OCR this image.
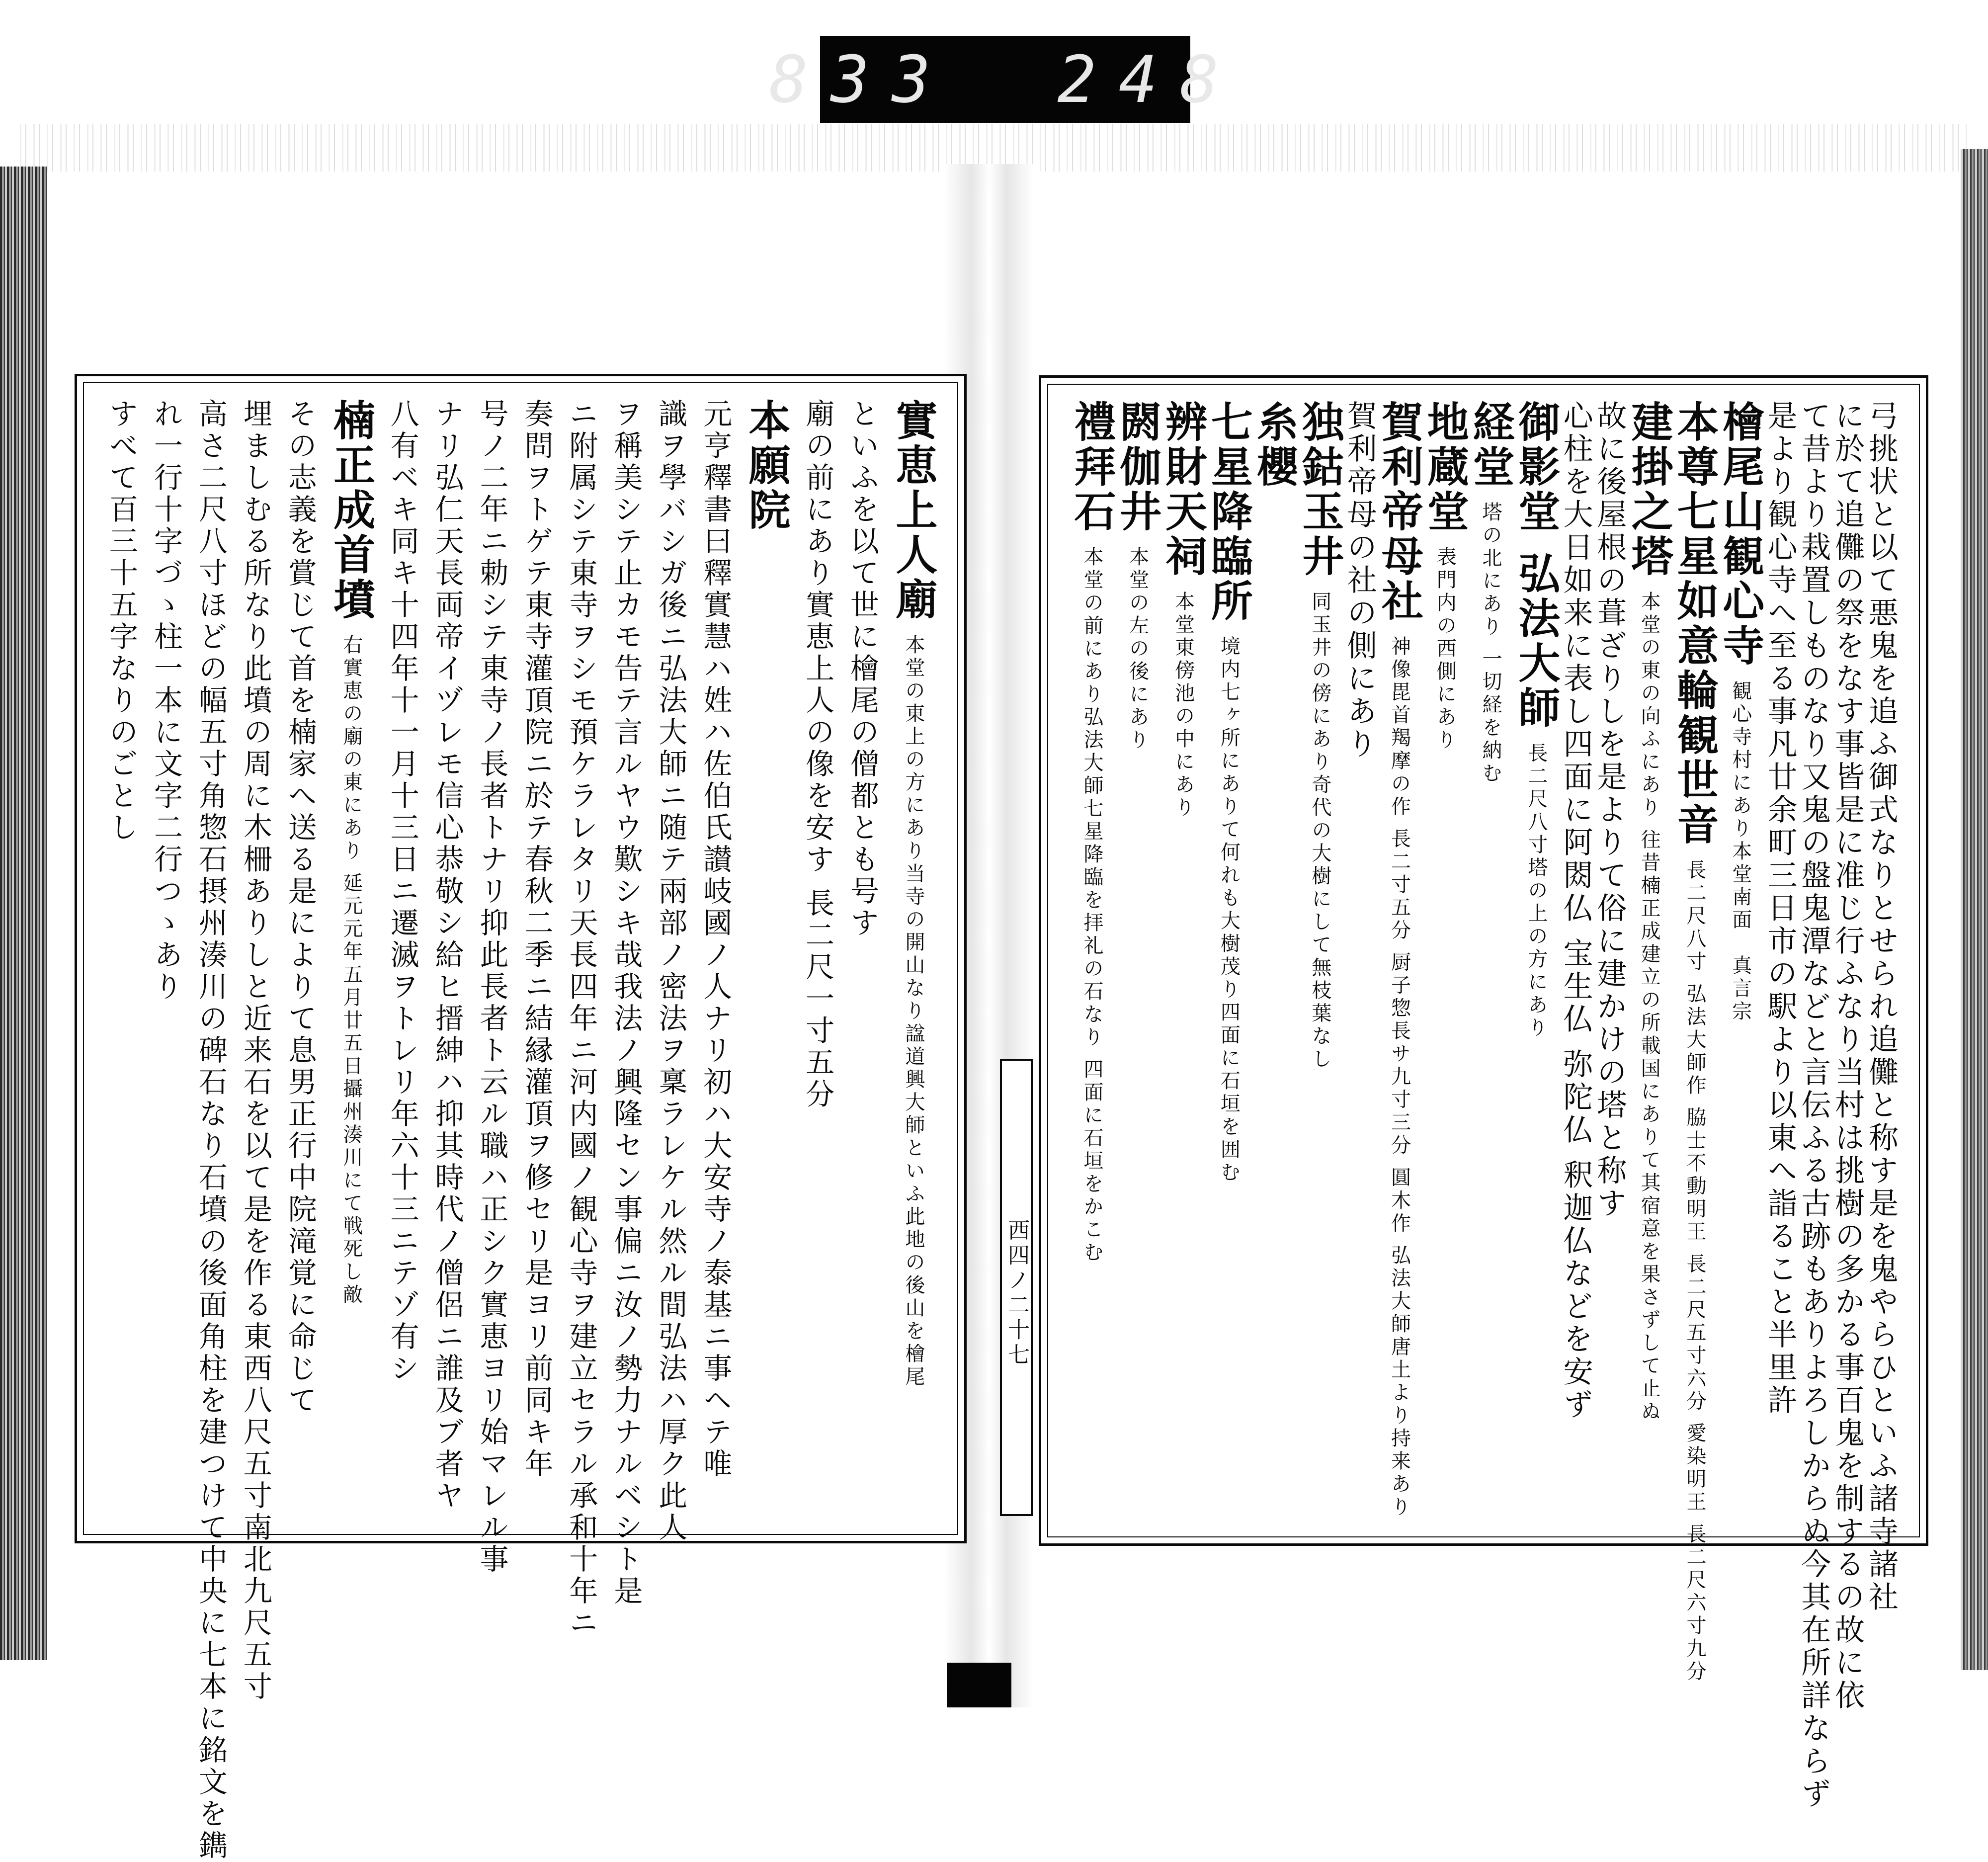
833 248
弓挑状と以て悪鬼を追ふ御式なりとせられ追儺と称す是を鬼やらひといふ諸寺諸社
に於て追儺の祭をなす事皆是に准じ行ふなり当村は挑樹の多かる事百鬼を制するの故に依
て昔より栽置しものなり又鬼の盤鬼潭などと言伝ふる古跡もありよろしからぬ今其在所詳ならず
是より観心寺へ至る事凡廿余町三日市の駅より以東へ詣ること半里許
檜尾山観心寺観心寺村にあり本堂南面　真言宗
本尊七星如意輪観世音長二尺八寸 弘法大師作 脇士不動明王 長二尺五寸六分 愛染明王 長二尺六寸九分
建掛之塔本堂の東の向ふにあり 往昔楠正成建立の所載国にありて其宿意を果さずして止ぬ
故に後屋根の葺ざりしを是よりて俗に建かけの塔と称す
心柱を大日如来に表し四面に阿閦仏 宝生仏 弥陀仏 釈迦仏などを安ず
御影堂 弘法大師長二尺八寸塔の上の方にあり
経堂塔の北にあり 一切経を納む
地蔵堂表門内の西側にあり
賀利帝母社神像毘首羯摩の作 長二寸五分 厨子惣長サ九寸三分 圓木作 弘法大師唐土より持来あり
賀利帝母の社の側にあり
独鈷玉井同玉井の傍にあり奇代の大樹にして無枝葉なし
糸櫻
七星降臨所境内七ヶ所にありて何れも大樹茂り四面に石垣を囲む
辨財天祠本堂東傍池の中にあり
閼伽井本堂の左の後にあり
禮拜石本堂の前にあり弘法大師七星降臨を拝礼の石なり 四面に石垣をかこむ
實恵上人廟本堂の東上の方にあり当寺の開山なり諡道興大師といふ此地の後山を檜尾
といふを以て世に檜尾の僧都とも号す
廟の前にあり實恵上人の像を安す 長二尺一寸五分
本願院
元亨釋書曰釋實慧ハ姓ハ佐伯氏讃岐國ノ人ナリ初ハ大安寺ノ泰基ニ事ヘテ唯
識ヲ學バシガ後ニ弘法大師ニ随テ兩部ノ密法ヲ稟ラレケル然ル間弘法ハ厚ク此人
ヲ稱美シテ止カモ告テ言ルヤウ歎シキ哉我法ノ興隆セン事偏ニ汝ノ勢力ナルベシト是
ニ附属シテ東寺ヲシモ預ケラレタリ天長四年ニ河内國ノ観心寺ヲ建立セラル承和十年ニ
奏問ヲトゲテ東寺灌頂院ニ於テ春秋二季ニ結縁灌頂ヲ修セリ是ヨリ前同キ年
号ノ二年ニ勅シテ東寺ノ長者トナリ抑此長者ト云ル職ハ正シク實恵ヨリ始マレル事
ナリ弘仁天長両帝イヅレモ信心恭敬シ給ヒ搢紳ハ抑其時代ノ僧侶ニ誰及ブ者ヤ
八有ベキ同キ十四年十一月十三日ニ遷滅ヲトレリ年六十三ニテゾ有シ
楠正成首墳右實恵の廟の東にあり 延元元年五月廿五日攝州湊川にて戦死し敵
その志義を賞じて首を楠家へ送る是によりて息男正行中院滝覚に命じて
埋ましむる所なり此墳の周に木柵ありしと近来石を以て是を作る東西八尺五寸南北九尺五寸
高さ二尺八寸ほどの幅五寸角惣石摂州湊川の碑石なり石墳の後面角柱を建つけて中央に七本に銘文を鐫
れ一行十字づゝ柱一本に文字二行つゝあり
すべて百三十五字なりのごとし
西四ノ二十七
